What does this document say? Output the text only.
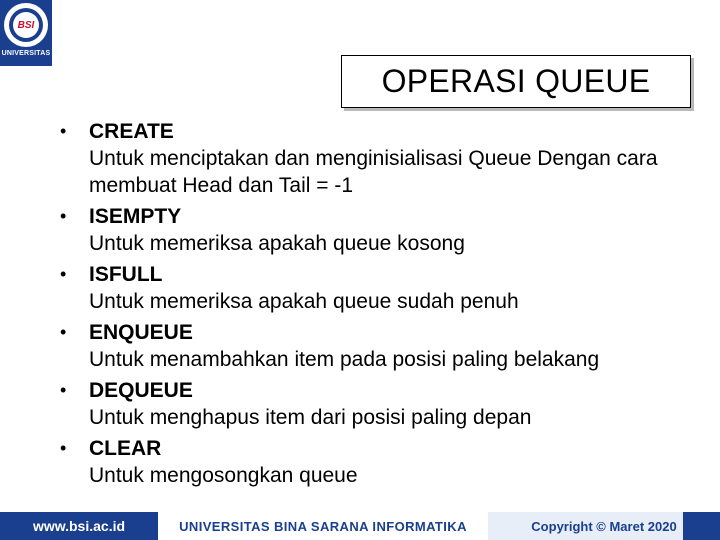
BSI
UNIVERSITAS
OPERASI QUEUE
• CREATE
Untuk menciptakan dan menginisialisasi Queue Dengan cara membuat Head dan Tail = -1
• ISEMPTY
Untuk memeriksa apakah queue kosong
• ISFULL
Untuk memeriksa apakah queue sudah penuh
• ENQUEUE
Untuk menambahkan item pada posisi paling belakang
• DEQUEUE
Untuk menghapus item dari posisi paling depan
• CLEAR
Untuk mengosongkan queue
www.bsi.ac.id	UNIVERSITAS BINA SARANA INFORMATIKA	Copyright © Maret 2020
